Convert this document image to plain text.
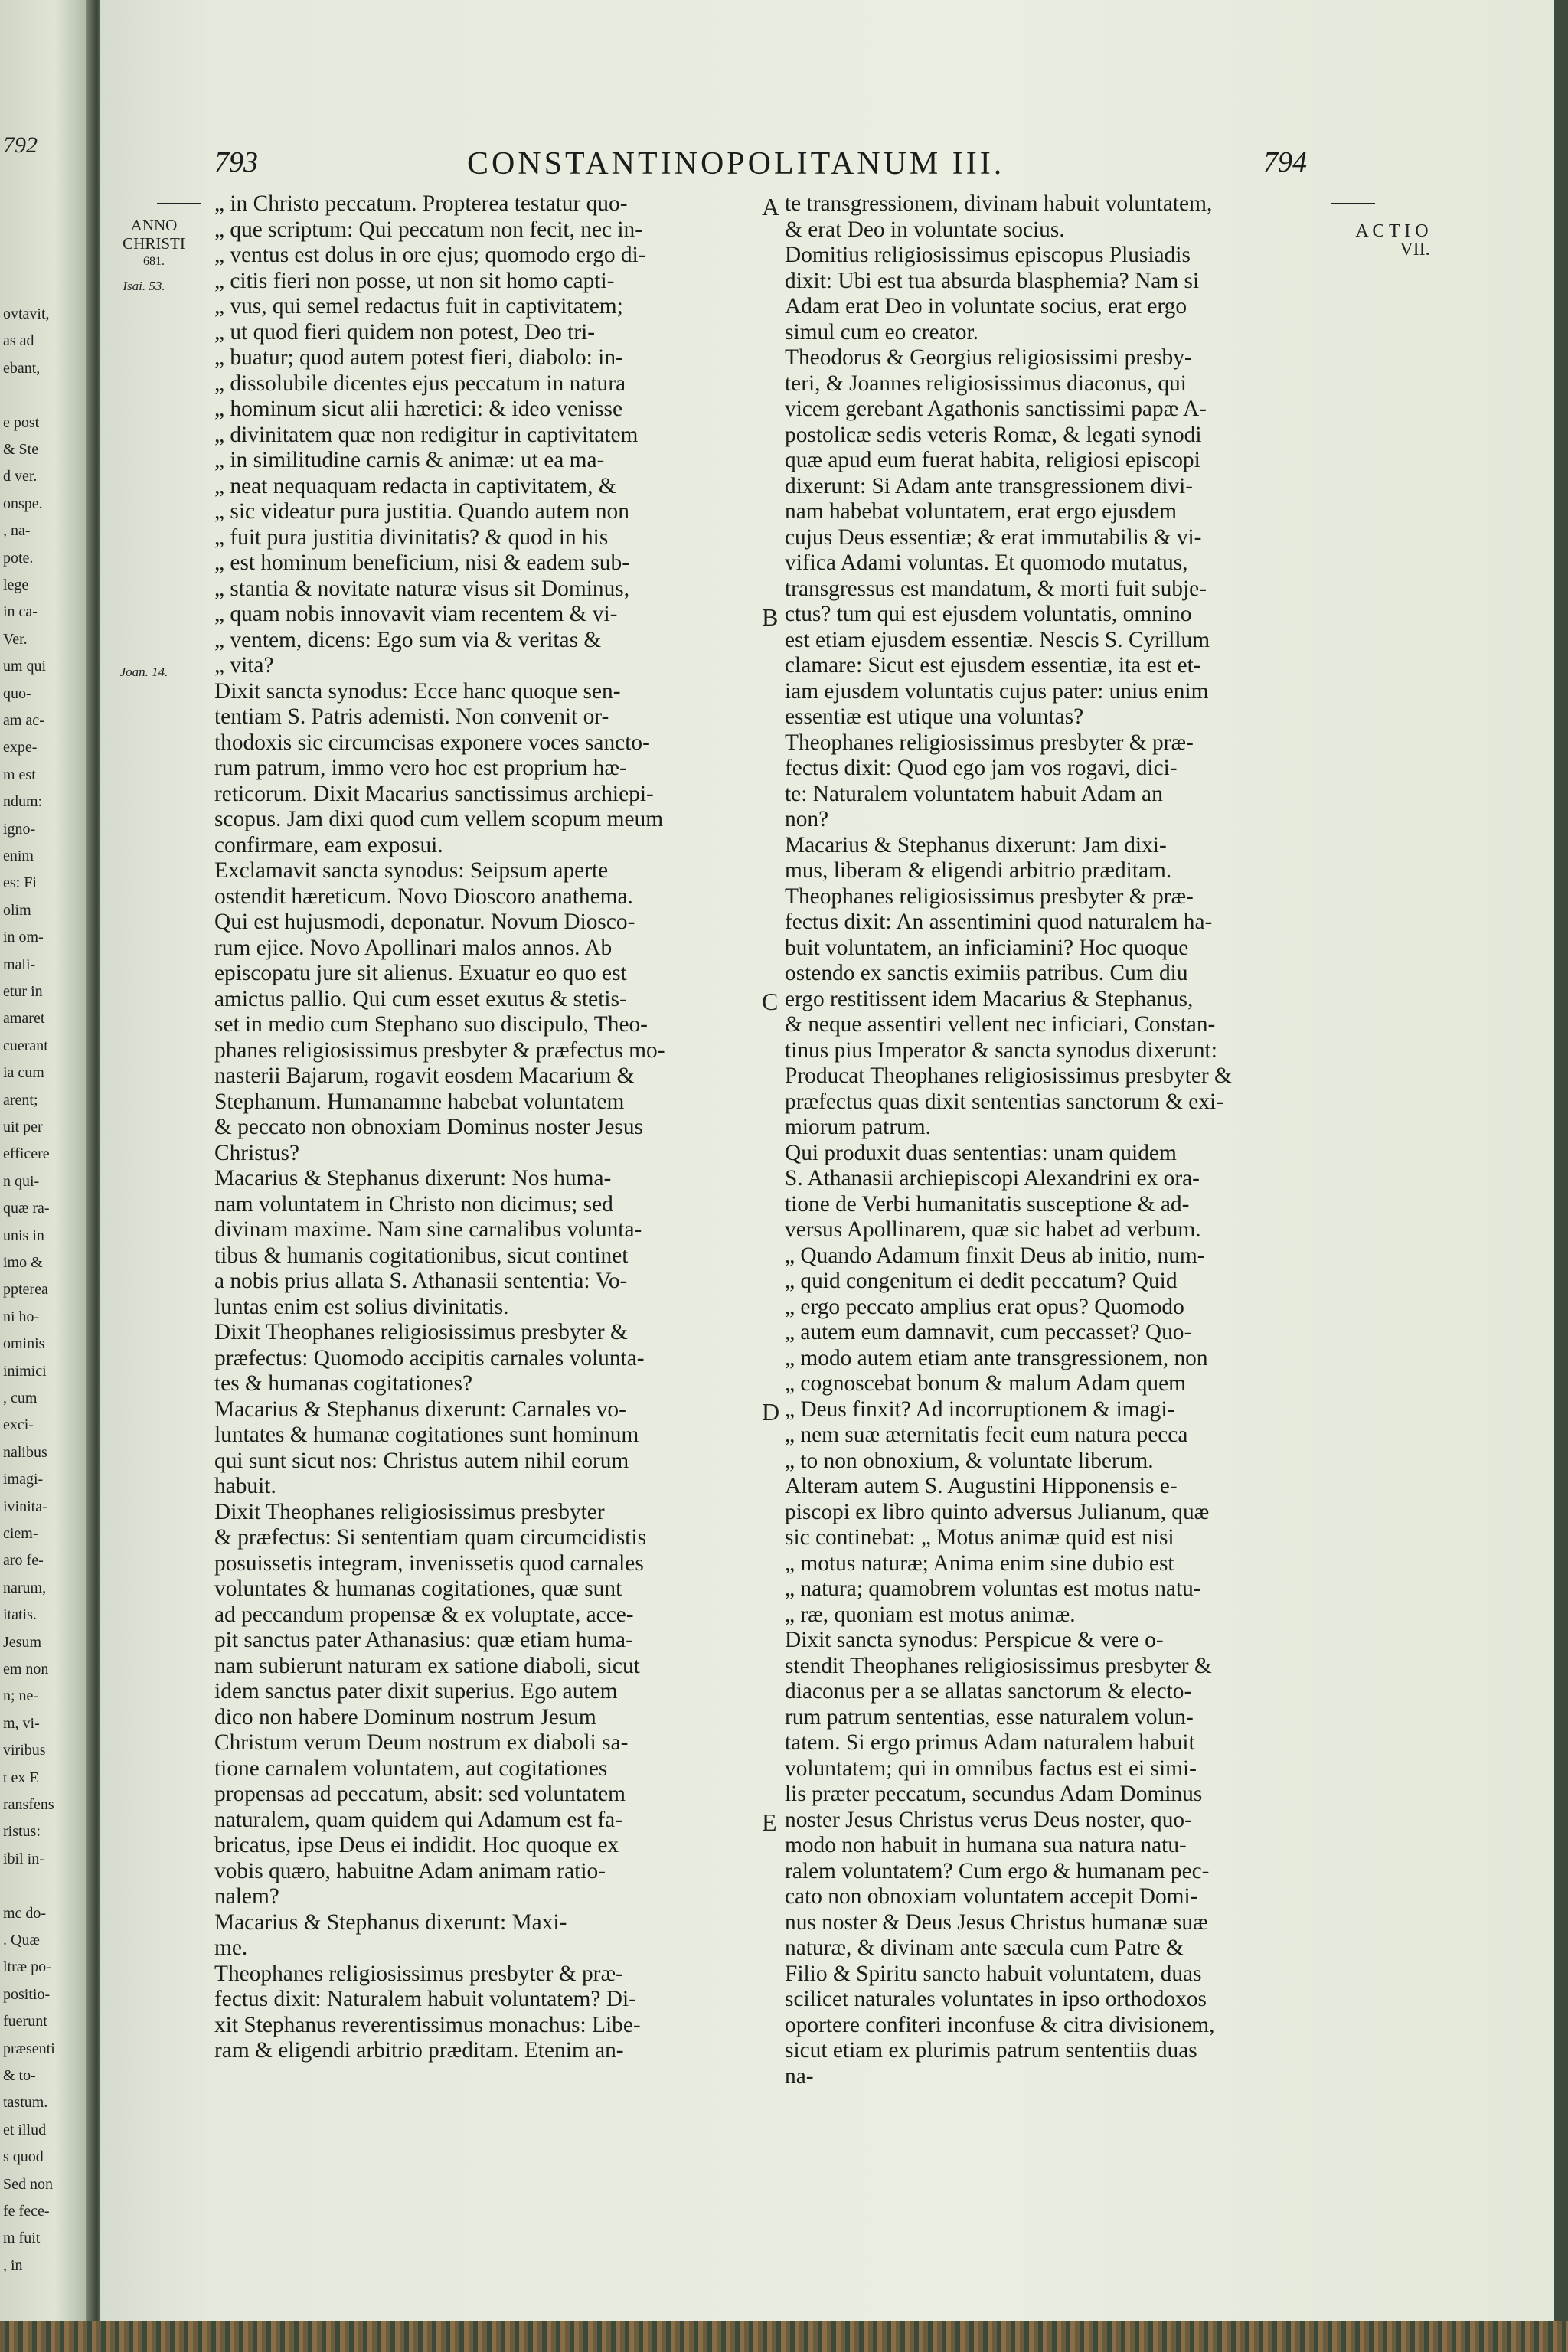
792
ovtavit,
as ad
ebant,
e post
& Ste
d ver.
onspe.
, na-
pote.
lege
in ca-
Ver.
um qui
quo-
am ac-
expe-
m est
ndum:
igno-
enim
es: Fi
olim
in om-
mali-
etur in
amaret
cuerant
ia cum
arent;
uit per
efficere
n qui-
quæ ra-
unis in
imo &
ppterea
ni ho-
ominis
inimici
, cum
exci-
nalibus
imagi-
ivinita-
ciem-
aro fe-
narum,
itatis.
Jesum
em non
n; ne-
m, vi-
viribus
t ex E
ransfens
ristus:
ibil in-
mc do-
. Quæ
ltræ po-
positio-
fuerunt
præsenti
& to-
tastum.
et illud
s quod
Sed non
fe fece-
m fuit
, in
793	CONSTANTINOPOLITANUM III.	794
ANNO
CHRISTI
681.
Isai. 53.
Joan. 14.
A C T I O
VII.
„ in Christo peccatum. Propterea testatur quo-
„ que scriptum: Qui peccatum non fecit, nec in-
„ ventus est dolus in ore ejus; quomodo ergo di-
„ citis fieri non posse, ut non sit homo capti-
„ vus, qui semel redactus fuit in captivitatem;
„ ut quod fieri quidem non potest, Deo tri-
„ buatur; quod autem potest fieri, diabolo: in-
„ dissolubile dicentes ejus peccatum in natura
„ hominum sicut alii hæretici: & ideo venisse
„ divinitatem quæ non redigitur in captivitatem
„ in similitudine carnis & animæ: ut ea ma-
„ neat nequaquam redacta in captivitatem, &
„ sic videatur pura justitia. Quando autem non
„ fuit pura justitia divinitatis? & quod in his
„ est hominum beneficium, nisi & eadem sub-
„ stantia & novitate naturæ visus sit Dominus,
„ quam nobis innovavit viam recentem & vi-
„ ventem, dicens: Ego sum via & veritas &
„ vita?
Dixit sancta synodus: Ecce hanc quoque sen-
tentiam S. Patris ademisti. Non convenit or-
thodoxis sic circumcisas exponere voces sancto-
rum patrum, immo vero hoc est proprium hæ-
reticorum. Dixit Macarius sanctissimus archiepi-
scopus. Jam dixi quod cum vellem scopum meum
confirmare, eam exposui.
Exclamavit sancta synodus: Seipsum aperte
ostendit hæreticum. Novo Dioscoro anathema.
Qui est hujusmodi, deponatur. Novum Diosco-
rum ejice. Novo Apollinari malos annos. Ab
episcopatu jure sit alienus. Exuatur eo quo est
amictus pallio. Qui cum esset exutus & stetis-
set in medio cum Stephano suo discipulo, Theo-
phanes religiosissimus presbyter & præfectus mo-
nasterii Bajarum, rogavit eosdem Macarium &
Stephanum. Humanamne habebat voluntatem
& peccato non obnoxiam Dominus noster Jesus
Christus?
Macarius & Stephanus dixerunt: Nos huma-
nam voluntatem in Christo non dicimus; sed
divinam maxime. Nam sine carnalibus volunta-
tibus & humanis cogitationibus, sicut continet
a nobis prius allata S. Athanasii sententia: Vo-
luntas enim est solius divinitatis.
Dixit Theophanes religiosissimus presbyter &
præfectus: Quomodo accipitis carnales volunta-
tes & humanas cogitationes?
Macarius & Stephanus dixerunt: Carnales vo-
luntates & humanæ cogitationes sunt hominum
qui sunt sicut nos: Christus autem nihil eorum
habuit.
Dixit Theophanes religiosissimus presbyter
& præfectus: Si sententiam quam circumcidistis
posuissetis integram, invenissetis quod carnales
voluntates & humanas cogitationes, quæ sunt
ad peccandum propensæ & ex voluptate, acce-
pit sanctus pater Athanasius: quæ etiam huma-
nam subierunt naturam ex satione diaboli, sicut
idem sanctus pater dixit superius. Ego autem
dico non habere Dominum nostrum Jesum
Christum verum Deum nostrum ex diaboli sa-
tione carnalem voluntatem, aut cogitationes
propensas ad peccatum, absit: sed voluntatem
naturalem, quam quidem qui Adamum est fa-
bricatus, ipse Deus ei indidit. Hoc quoque ex
vobis quæro, habuitne Adam animam ratio-
nalem?
Macarius & Stephanus dixerunt: Maxi-
me.
Theophanes religiosissimus presbyter & præ-
fectus dixit: Naturalem habuit voluntatem? Di-
xit Stephanus reverentissimus monachus: Libe-
ram & eligendi arbitrio præditam. Etenim an-
te transgressionem, divinam habuit voluntatem,
& erat Deo in voluntate socius.
Domitius religiosissimus episcopus Plusiadis
dixit: Ubi est tua absurda blasphemia? Nam si
Adam erat Deo in voluntate socius, erat ergo
simul cum eo creator.
Theodorus & Georgius religiosissimi presby-
teri, & Joannes religiosissimus diaconus, qui
vicem gerebant Agathonis sanctissimi papæ A-
postolicæ sedis veteris Romæ, & legati synodi
quæ apud eum fuerat habita, religiosi episcopi
dixerunt: Si Adam ante transgressionem divi-
nam habebat voluntatem, erat ergo ejusdem
cujus Deus essentiæ; & erat immutabilis & vi-
vifica Adami voluntas. Et quomodo mutatus,
transgressus est mandatum, & morti fuit subje-
ctus? tum qui est ejusdem voluntatis, omnino
est etiam ejusdem essentiæ. Nescis S. Cyrillum
clamare: Sicut est ejusdem essentiæ, ita est et-
iam ejusdem voluntatis cujus pater: unius enim
essentiæ est utique una voluntas?
Theophanes religiosissimus presbyter & præ-
fectus dixit: Quod ego jam vos rogavi, dici-
te: Naturalem voluntatem habuit Adam an
non?
Macarius & Stephanus dixerunt: Jam dixi-
mus, liberam & eligendi arbitrio præditam.
Theophanes religiosissimus presbyter & præ-
fectus dixit: An assentimini quod naturalem ha-
buit voluntatem, an inficiamini? Hoc quoque
ostendo ex sanctis eximiis patribus. Cum diu
ergo restitissent idem Macarius & Stephanus,
& neque assentiri vellent nec inficiari, Constan-
tinus pius Imperator & sancta synodus dixerunt:
Producat Theophanes religiosissimus presbyter &
præfectus quas dixit sententias sanctorum & exi-
miorum patrum.
Qui produxit duas sententias: unam quidem
S. Athanasii archiepiscopi Alexandrini ex ora-
tione de Verbi humanitatis susceptione & ad-
versus Apollinarem, quæ sic habet ad verbum.
„ Quando Adamum finxit Deus ab initio, num-
„ quid congenitum ei dedit peccatum? Quid
„ ergo peccato amplius erat opus? Quomodo
„ autem eum damnavit, cum peccasset? Quo-
„ modo autem etiam ante transgressionem, non
„ cognoscebat bonum & malum Adam quem
„ Deus finxit? Ad incorruptionem & imagi-
„ nem suæ æternitatis fecit eum natura pecca
„ to non obnoxium, & voluntate liberum.
Alteram autem S. Augustini Hipponensis e-
piscopi ex libro quinto adversus Julianum, quæ
sic continebat: „ Motus animæ quid est nisi
„ motus naturæ; Anima enim sine dubio est
„ natura; quamobrem voluntas est motus natu-
„ ræ, quoniam est motus animæ.
Dixit sancta synodus: Perspicue & vere o-
stendit Theophanes religiosissimus presbyter &
diaconus per a se allatas sanctorum & electo-
rum patrum sententias, esse naturalem volun-
tatem. Si ergo primus Adam naturalem habuit
voluntatem; qui in omnibus factus est ei simi-
lis præter peccatum, secundus Adam Dominus
noster Jesus Christus verus Deus noster, quo-
modo non habuit in humana sua natura natu-
ralem voluntatem? Cum ergo & humanam pec-
cato non obnoxiam voluntatem accepit Domi-
nus noster & Deus Jesus Christus humanæ suæ
naturæ, & divinam ante sæcula cum Patre &
Filio & Spiritu sancto habuit voluntatem, duas
scilicet naturales voluntates in ipso orthodoxos
oportere confiteri inconfuse & citra divisionem,
sicut etiam ex plurimis patrum sententiis duas
na-
A
B
C
D
E
